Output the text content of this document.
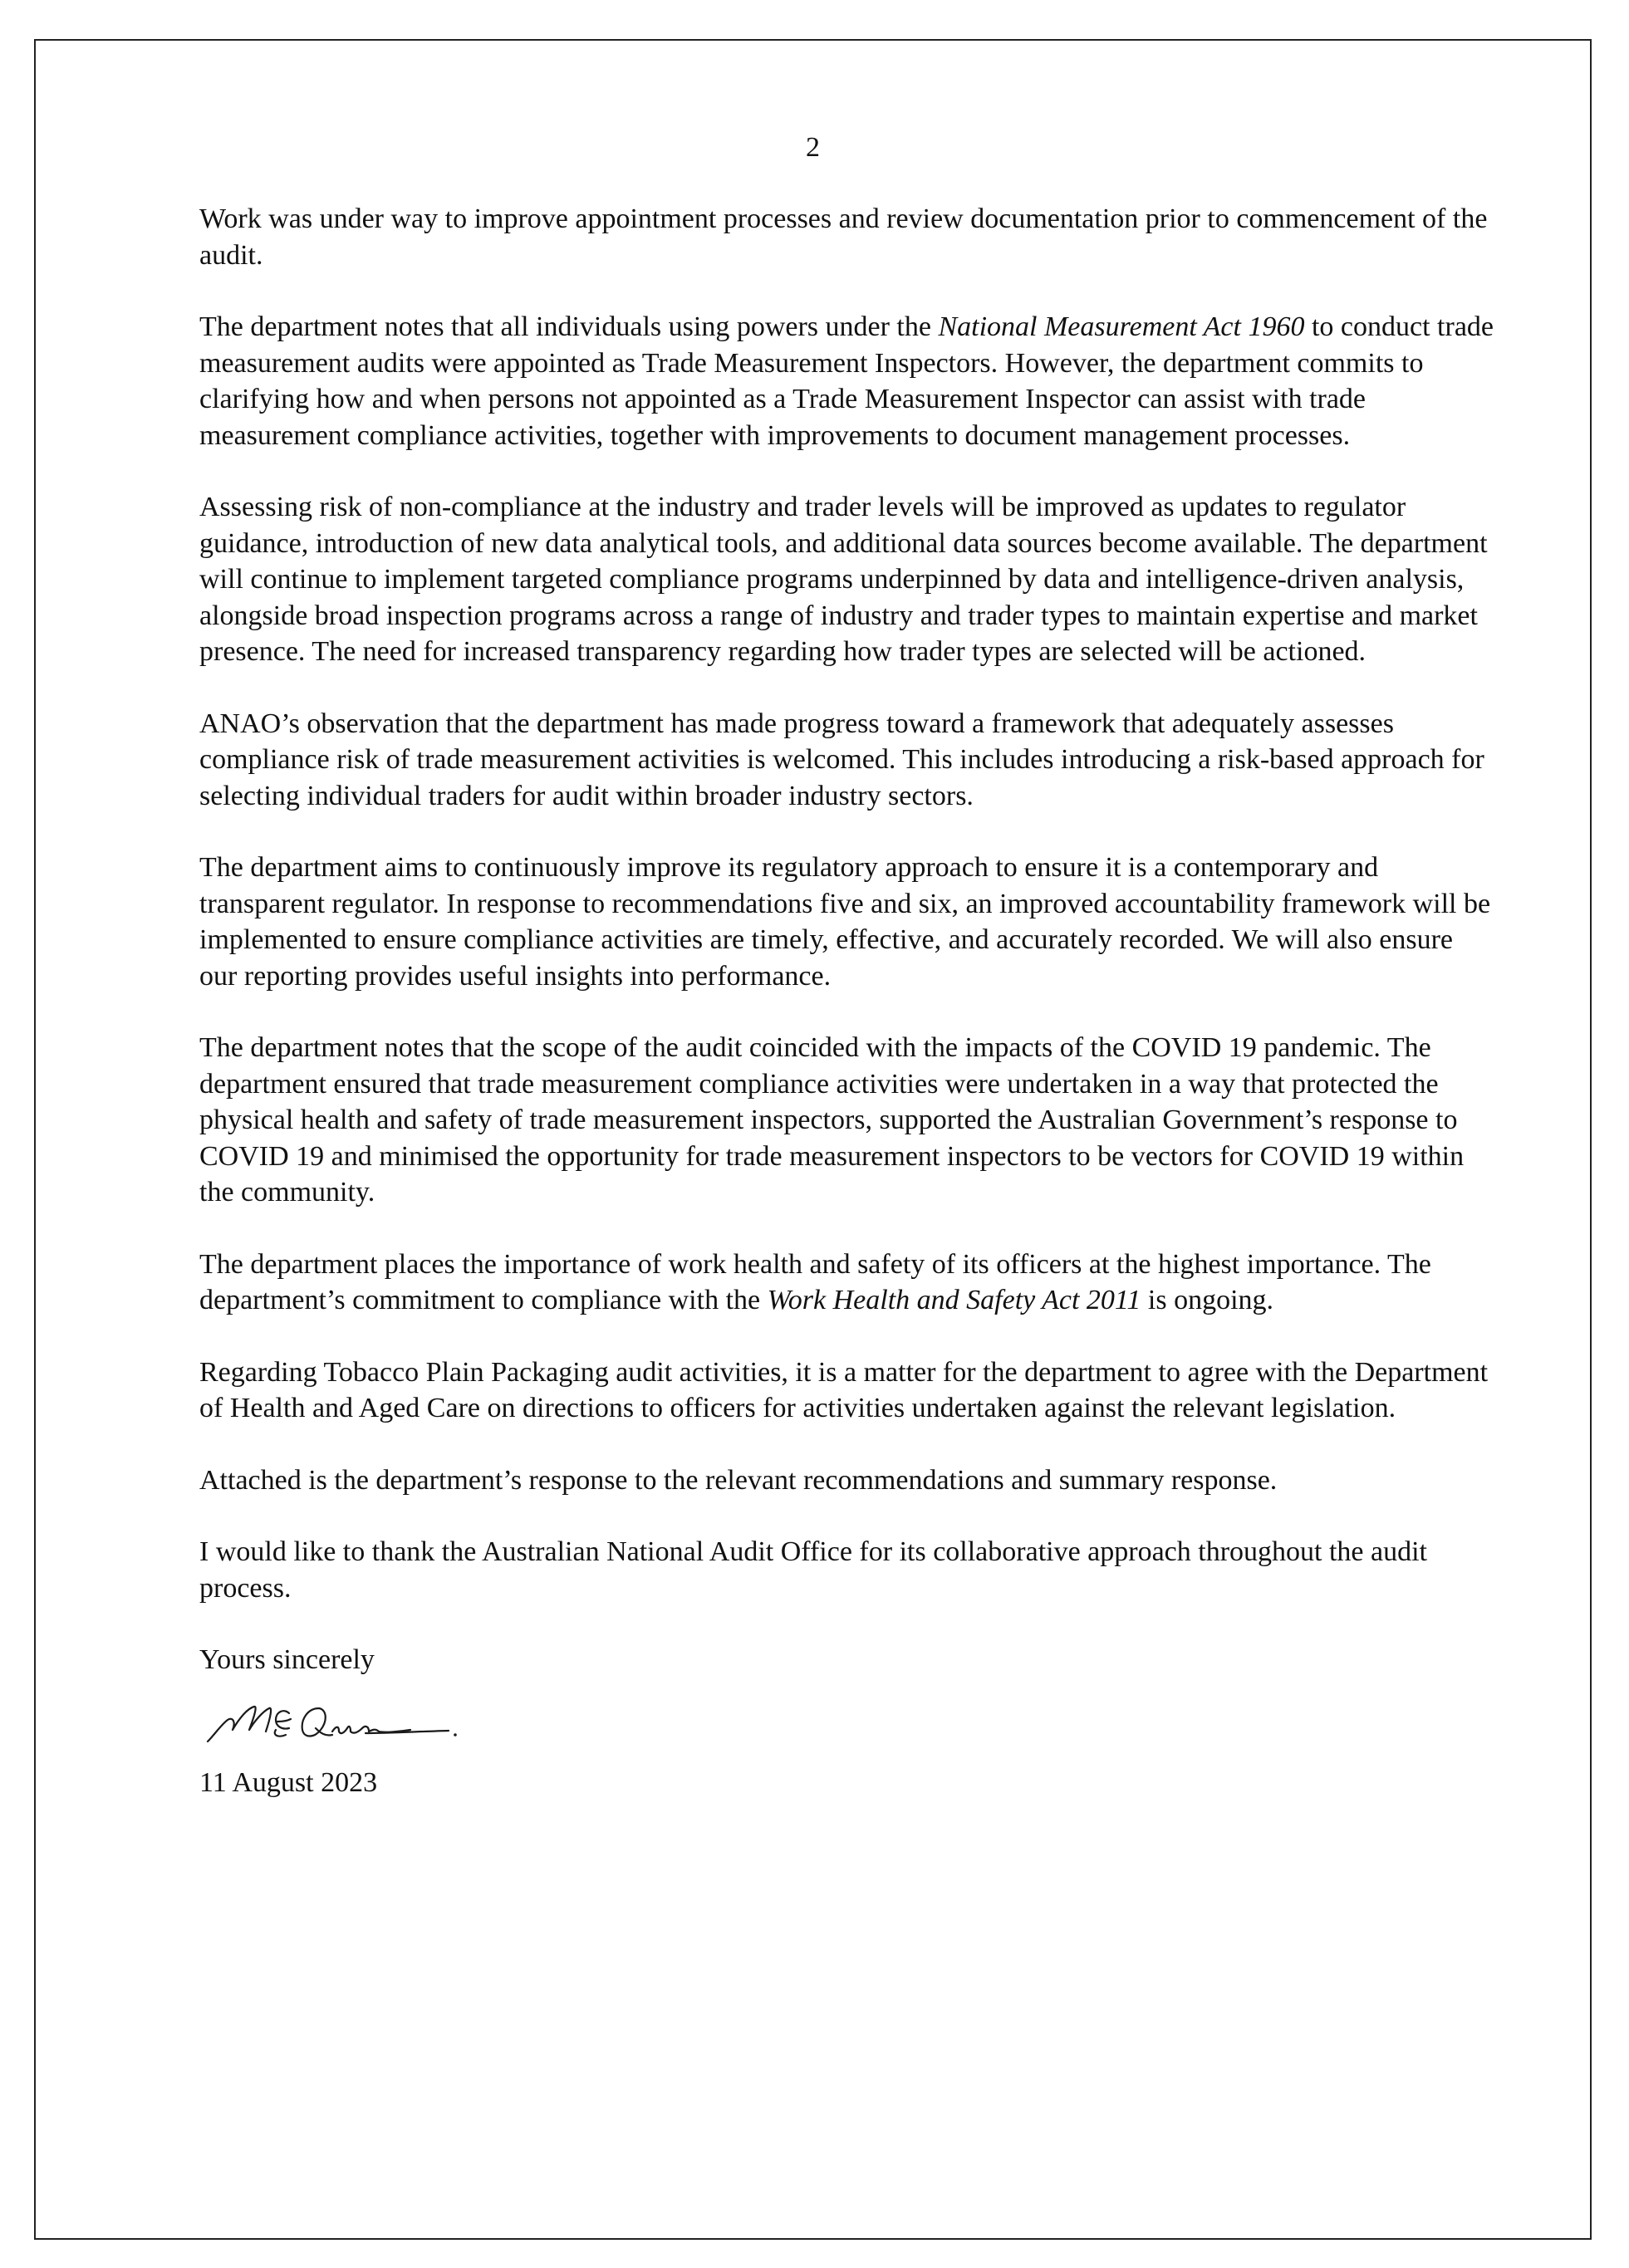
2

Work was under way to improve appointment processes and review documentation prior to commencement of the audit.

The department notes that all individuals using powers under the National Measurement Act 1960 to conduct trade measurement audits were appointed as Trade Measurement Inspectors. However, the department commits to clarifying how and when persons not appointed as a Trade Measurement Inspector can assist with trade measurement compliance activities, together with improvements to document management processes.

Assessing risk of non-compliance at the industry and trader levels will be improved as updates to regulator guidance, introduction of new data analytical tools, and additional data sources become available. The department will continue to implement targeted compliance programs underpinned by data and intelligence-driven analysis, alongside broad inspection programs across a range of industry and trader types to maintain expertise and market presence. The need for increased transparency regarding how trader types are selected will be actioned.

ANAO’s observation that the department has made progress toward a framework that adequately assesses compliance risk of trade measurement activities is welcomed. This includes introducing a risk-based approach for selecting individual traders for audit within broader industry sectors.

The department aims to continuously improve its regulatory approach to ensure it is a contemporary and transparent regulator. In response to recommendations five and six, an improved accountability framework will be implemented to ensure compliance activities are timely, effective, and accurately recorded. We will also ensure our reporting provides useful insights into performance.

The department notes that the scope of the audit coincided with the impacts of the COVID 19 pandemic. The department ensured that trade measurement compliance activities were undertaken in a way that protected the physical health and safety of trade measurement inspectors, supported the Australian Government’s response to COVID 19 and minimised the opportunity for trade measurement inspectors to be vectors for COVID 19 within the community.

The department places the importance of work health and safety of its officers at the highest importance. The department’s commitment to compliance with the Work Health and Safety Act 2011 is ongoing.

Regarding Tobacco Plain Packaging audit activities, it is a matter for the department to agree with the Department of Health and Aged Care on directions to officers for activities undertaken against the relevant legislation.

Attached is the department’s response to the relevant recommendations and summary response.

I would like to thank the Australian National Audit Office for its collaborative approach throughout the audit process.

Yours sincerely

11 August 2023
